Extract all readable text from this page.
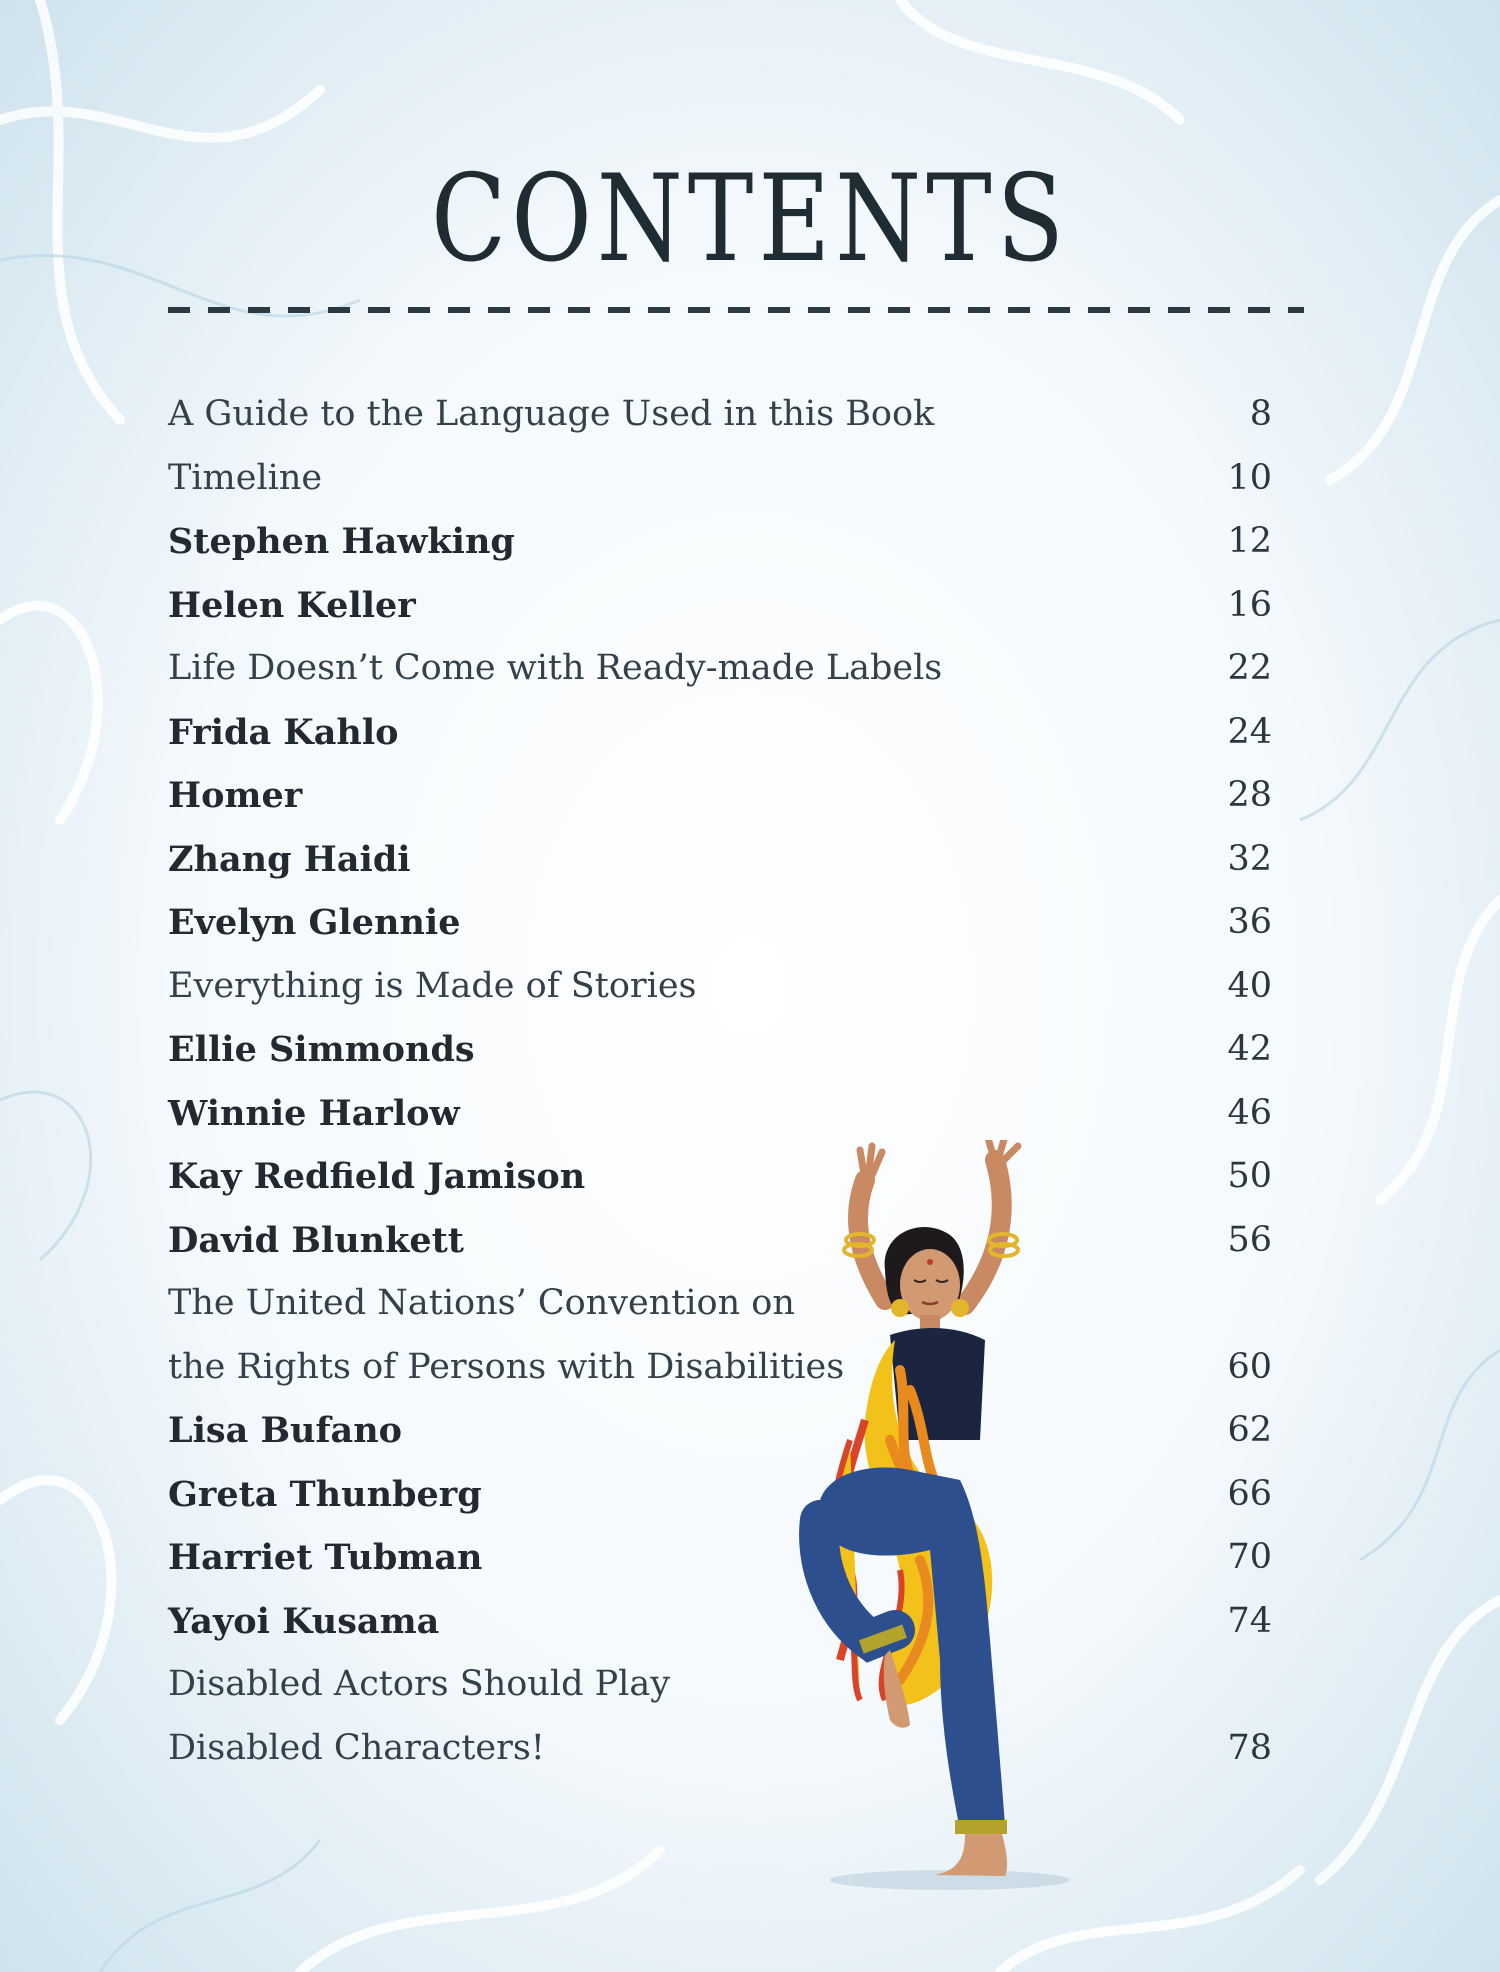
CONTENTS
A Guide to the Language Used in this Book	8
Timeline	10
Stephen Hawking	12
Helen Keller	16
Life Doesn’t Come with Ready-made Labels	22
Frida Kahlo	24
Homer	28
Zhang Haidi	32
Evelyn Glennie	36
Everything is Made of Stories	40
Ellie Simmonds	42
Winnie Harlow	46
Kay Redfield Jamison	50
David Blunkett	56
The United Nations’ Convention on
the Rights of Persons with Disabilities	60
Lisa Bufano	62
Greta Thunberg	66
Harriet Tubman	70
Yayoi Kusama	74
Disabled Actors Should Play
Disabled Characters!	78
